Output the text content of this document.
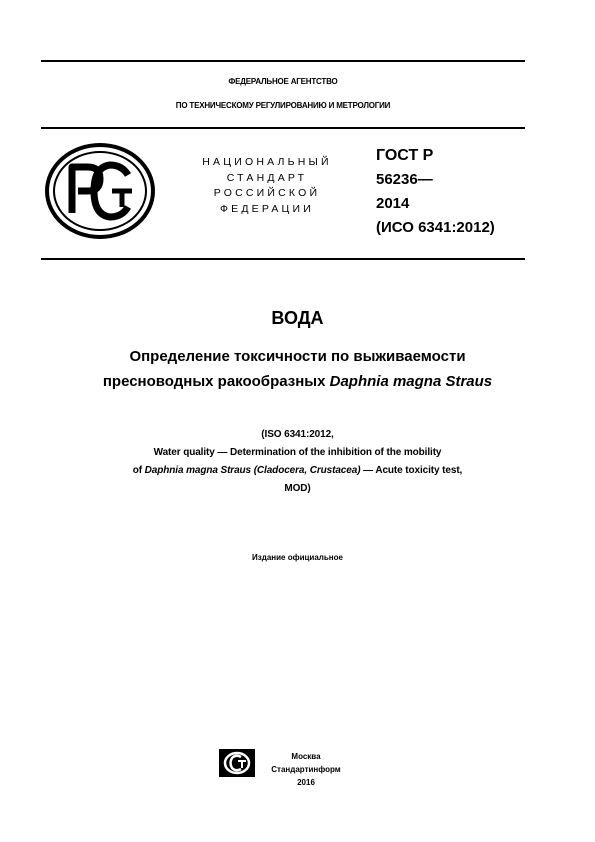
ФЕДЕРАЛЬНОЕ АГЕНТСТВО
ПО ТЕХНИЧЕСКОМУ РЕГУЛИРОВАНИЮ И МЕТРОЛОГИИ
НАЦИОНАЛЬНЫЙ
СТАНДАРТ
РОССИЙСКОЙ
ФЕДЕРАЦИИ
ГОСТ Р
56236—
2014
(ИСО 6341:2012)
ВОДА
Определение токсичности по выживаемости
пресноводных ракообразных Daphnia magna Straus
(ISO 6341:2012,
Water quality — Determination of the inhibition of the mobility
of Daphnia magna Straus (Cladocera, Crustacea) — Acute toxicity test,
MOD)
Издание официальное
Москва
Стандартинформ
2016
